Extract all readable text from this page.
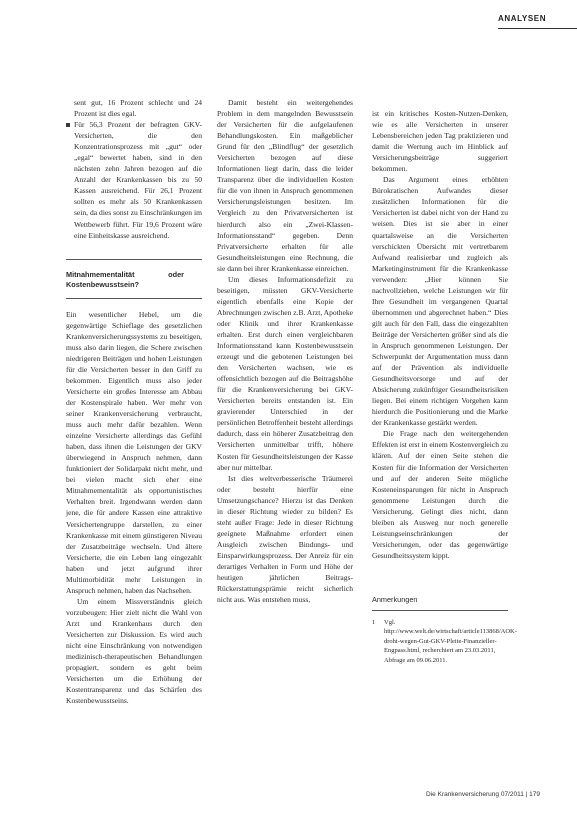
ANALYSEN
sent gut, 16 Prozent schlecht und 24 Prozent ist dies egal.
Für 56,3 Prozent der befragten GKV-Versicherten, die den Konzentrationsprozess mit „gut“ oder „egal“ bewertet haben, sind in den nächsten zehn Jahren bezogen auf die Anzahl der Krankenkassen bis zu 50 Kassen ausreichend. Für 26,1 Prozent sollten es mehr als 50 Krankenkassen sein, da dies sonst zu Einschränkungen im Wettbewerb führt. Für 19,6 Prozent wäre eine Einheitskasse ausreichend.
Mitnahmementalität oder Kostenbewusstsein?

Ein wesentlicher Hebel, um die gegenwärtige Schieflage des gesetzlichen Krankenversicherungssystems zu beseitigen, muss also darin liegen, die Schere zwischen niedrigeren Beiträgen und hohen Leistungen für die Versicherten besser in den Griff zu bekommen. Eigentlich muss also jeder Versicherte ein großes Interesse am Abbau der Kostenspirale haben. Wer mehr von seiner Krankenversicherung verbraucht, muss auch mehr dafür bezahlen. Wenn einzelne Versicherte allerdings das Gefühl haben, dass ihnen die Leistungen der GKV überwiegend in Anspruch nehmen, dann funktioniert der Solidarpakt nicht mehr, und bei vielen macht sich eher eine Mitnahmementalität als opportunistisches Verhalten breit. Irgendwann werden dann jene, die für andere Kassen eine attraktive Versichertengruppe darstellen, zu einer Krankenkasse mit einem günstigeren Niveau der Zusatzbeiträge wechseln. Und ältere Versicherte, die ein Leben lang eingezahlt haben und jetzt aufgrund ihrer Multimorbidität mehr Leistungen in Anspruch nehmen, haben das Nachsehen.

Um einem Missverständnis gleich vorzubeugen: Hier zielt nicht die Wahl von Arzt und Krankenhaus durch den Versicherten zur Diskussion. Es wird auch nicht eine Einschränkung von notwendigen medizinisch-therapeutischen Behandlungen propagiert, sondern es geht beim Versicherten um die Erhöhung der Kostentransparenz und das Schärfen des Kostenbewusstseins.

Damit besteht ein weitergehendes Problem in dem mangelnden Bewusstsein der Versicherten für die aufgelaufenen Behandlungskosten. Ein maßgeblicher Grund für den „Blindflug“ der gesetzlich Versicherten bezogen auf diese Informationen liegt darin, dass die leider Transparenz über die individuellen Kosten für die von ihnen in Anspruch genommenen Versicherungsleistungen besitzen. Im Vergleich zu den Privatversicherten ist hierdurch also ein „Zwei-Klassen-Informationsstand“ gegeben. Denn Privatversicherte erhalten für alle Gesundheitsleistungen eine Rechnung, die sie dann bei ihrer Krankenkasse einreichen.

Um dieses Informationsdefizit zu beseitigen, müssten GKV-Versicherte eigentlich ebenfalls eine Kopie der Abrechnungen zwischen z.B. Arzt, Apotheke oder Klinik und ihrer Krankenkasse erhalten. Erst durch einen vergleichbaren Informationsstand kann Kostenbewusstsein erzeugt und die gebotenen Leistungen bei den Versicherten wachsen, wie es offensichtlich bezogen auf die Beitragshöhe für die Krankenversicherung bei GKV-Versicherten bereits entstanden ist. Ein gravierender Unterschied in der persönlichen Betroffenheit besteht allerdings dadurch, dass ein höherer Zusatzbeitrag den Versicherten unmittelbar trifft, höhere Kosten für Gesundheitsleistungen der Kasse aber nur mittelbar.

Ist dies weltverbesserische Träumerei oder besteht hierfür eine Umsetzungschance? Hierzu ist das Denken in dieser Richtung wieder zu bilden? Es steht außer Frage: Jede in dieser Richtung geeignete Maßnahme erfordert einen Ausgleich zwischen Bindungs- und Einsparwirkungsprozess. Der Anreiz für ein derartiges Verhalten in Form und Höhe der heutigen jährlichen Beitrags-Rückerstattungsprämie reicht sicherlich nicht aus. Was entstehen muss,

ist ein kritisches Kosten-Nutzen-Denken, wie es alle Versicherten in unserer Lebensbereichen jeden Tag praktizieren und damit die Wertung auch im Hinblick auf Versicherungsbeiträge suggeriert bekommen.

Das Argument eines erhöhten Bürokratischen Aufwandes dieser zusätzlichen Informationen für die Versicherten ist dabei nicht von der Hand zu weisen. Dies ist sie aber in einer quartalsweise an die Versicherten verschickten Übersicht mit vertretbarem Aufwand realisierbar und zugleich als Marketinginstrument für die Krankenkasse verwenden: „Hier können Sie nachvollziehen, welche Leistungen wir für Ihre Gesundheit im vergangenen Quartal übernommen und abgerechnet haben.“ Dies gilt auch für den Fall, dass die eingezahlten Beiträge der Versicherten größer sind als die in Anspruch genommenen Leistungen. Der Schwerpunkt der Argumentation muss dann auf der Prävention als individuelle Gesundheitsvorsorge und auf der Absicherung zukünftiger Gesundheitsrisiken liegen. Bei einem richtigen Vorgehen kann hierdurch die Positionierung und die Marke der Krankenkasse gestärkt werden.

Die Frage nach den weitergehenden Effekten ist erst in einem Kostenvergleich zu klären. Auf der einen Seite stehen die Kosten für die Information der Versicherten und auf der anderen Seite mögliche Kosteneinsparungen für nicht in Anspruch genommene Leistungen durch die Versicherung. Gelingt dies nicht, dann bleiben als Ausweg nur noch generelle Leistungseinschränkungen der Versicherungen, oder das gegenwärtige Gesundheitssystem kippt.

Anmerkungen
1 Vgl. http://www.welt.de/wirtschaft/article113868/AOK-droht-wegen-Gut-GKV-Pleite-Finanzieller-Engpass.html, recherchiert am 23.03.2011, Abfrage am 09.06.2011.
Die Krankenversicherung 07/2011 | 179
